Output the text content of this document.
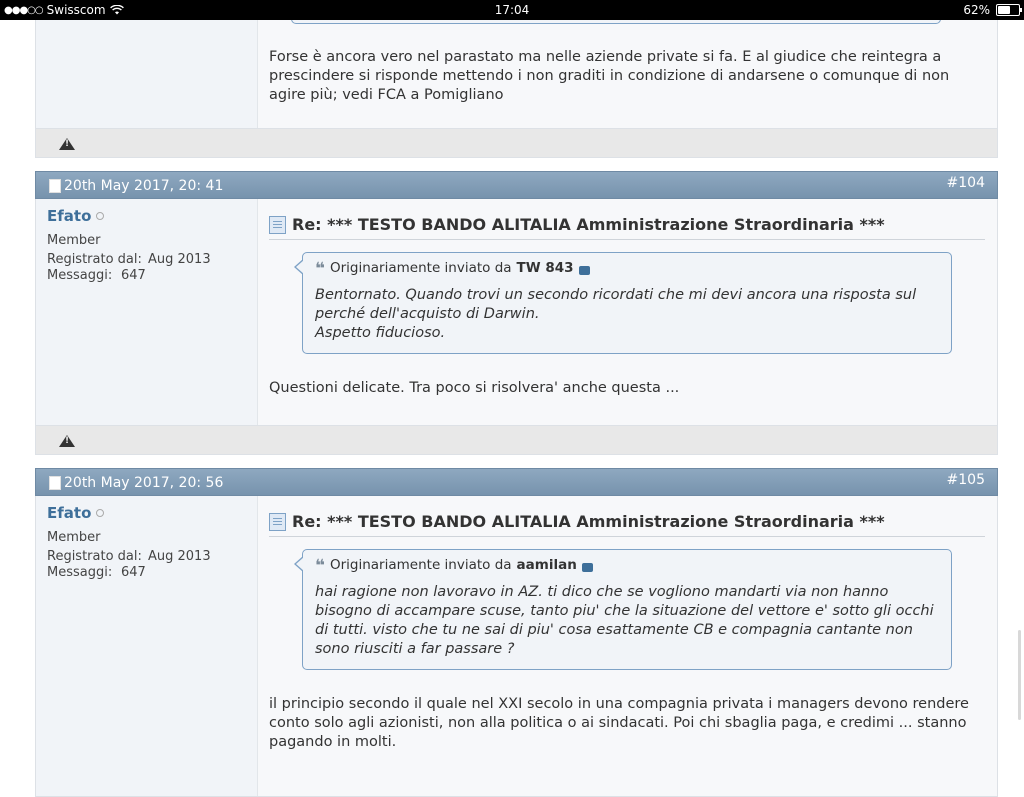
●●●○○ Swisscom	17:04	62%
Forse è ancora vero nel parastato ma nelle aziende private si fa. E al giudice che reintegra a prescindere si risponde mettendo i non graditi in condizione di andarsene o comunque di non agire più; vedi FCA a Pomigliano
!
20th May 2017, 20: 41	#104
Efato
Member
Registrato dal: Aug 2013
Messaggi: 647
Re: *** TESTO BANDO ALITALIA Amministrazione Straordinaria ***
❝ Originariamente inviato da TW 843
Bentornato. Quando trovi un secondo ricordati che mi devi ancora una risposta sul
perché dell'acquisto di Darwin.
Aspetto fiducioso.
Questioni delicate. Tra poco si risolvera' anche questa ...
!
20th May 2017, 20: 56	#105
Efato
Member
Registrato dal: Aug 2013
Messaggi: 647
Re: *** TESTO BANDO ALITALIA Amministrazione Straordinaria ***
❝ Originariamente inviato da aamilan
hai ragione non lavoravo in AZ. ti dico che se vogliono mandarti via non hanno
bisogno di accampare scuse, tanto piu' che la situazione del vettore e' sotto gli occhi
di tutti. visto che tu ne sai di piu' cosa esattamente CB e compagnia cantante non
sono riusciti a far passare ?
il principio secondo il quale nel XXI secolo in una compagnia privata i managers devono rendere
conto solo agli azionisti, non alla politica o ai sindacati. Poi chi sbaglia paga, e credimi ... stanno
pagando in molti.
